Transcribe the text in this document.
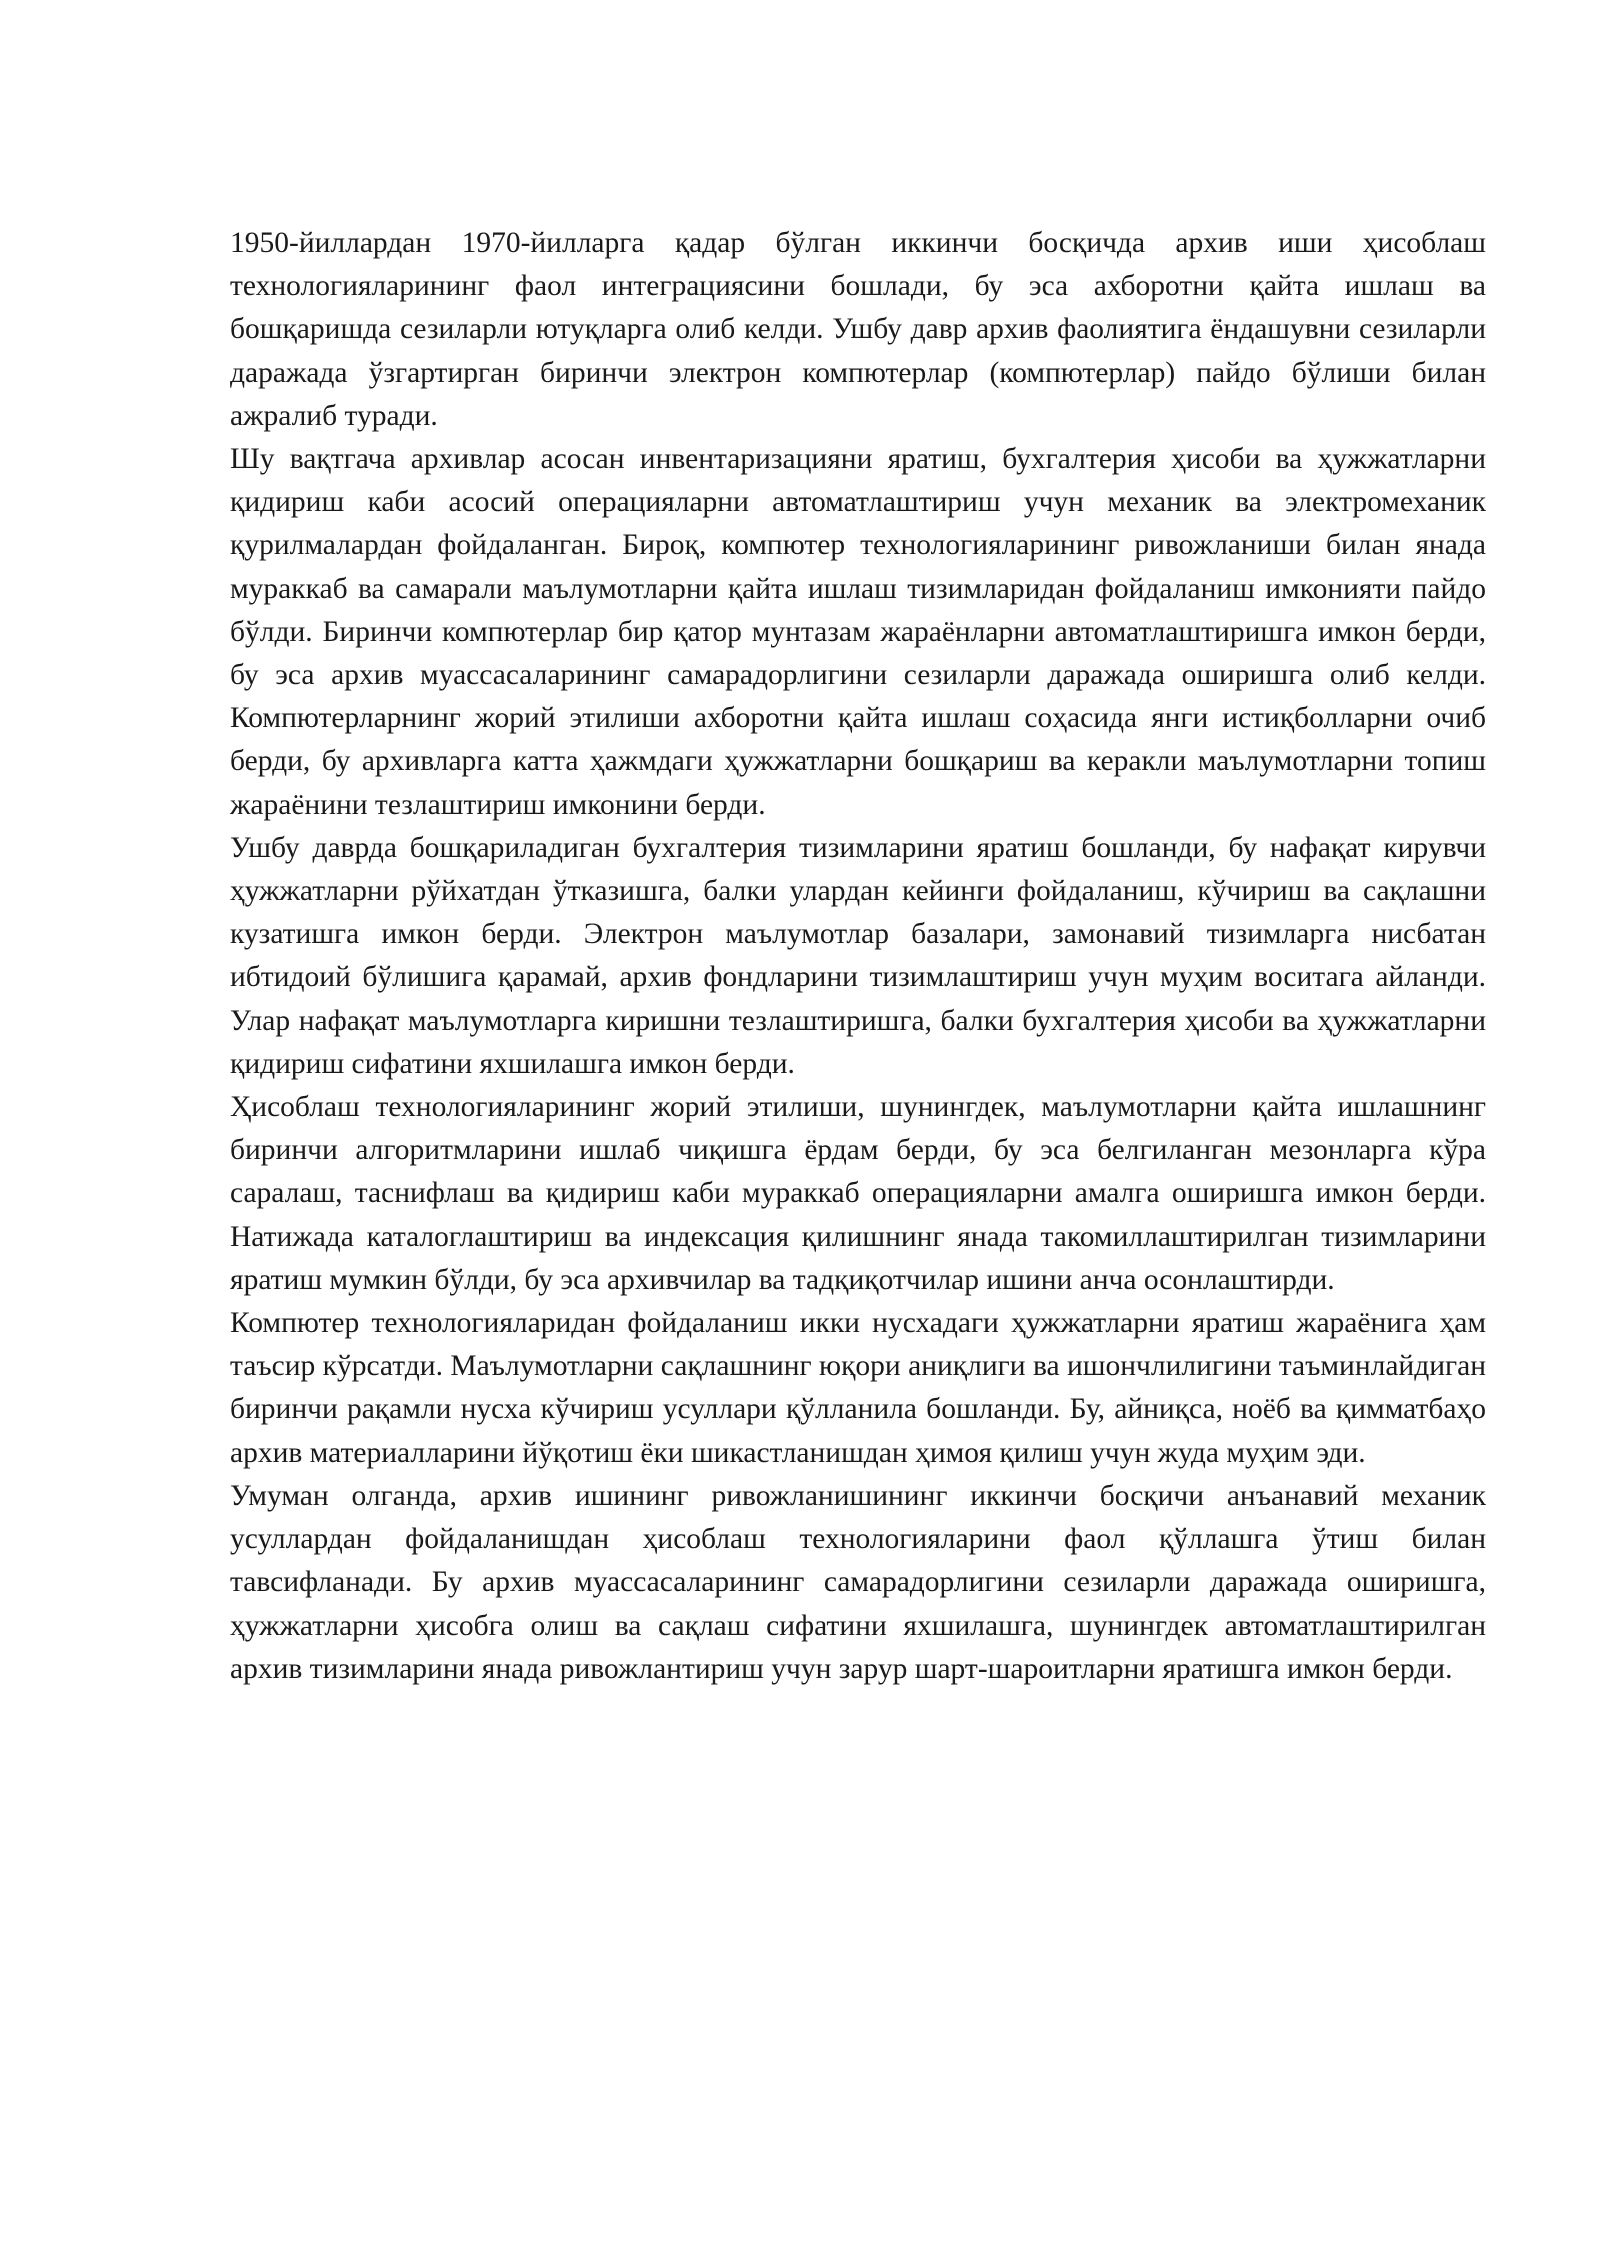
1950-йиллардан 1970-йилларга қадар бўлган иккинчи босқичда архив иши ҳисоблаш технологияларининг фаол интеграциясини бошлади, бу эса ахборотни қайта ишлаш ва бошқаришда сезиларли ютуқларга олиб келди. Ушбу давр архив фаолиятига ёндашувни сезиларли даражада ўзгартирган биринчи электрон компютерлар (компютерлар) пайдо бўлиши билан ажралиб туради.

Шу вақтгача архивлар асосан инвентаризацияни яратиш, бухгалтерия ҳисоби ва ҳужжатларни қидириш каби асосий операцияларни автоматлаштириш учун механик ва электромеханик қурилмалардан фойдаланган. Бироқ, компютер технологияларининг ривожланиши билан янада мураккаб ва самарали маълумотларни қайта ишлаш тизимларидан фойдаланиш имконияти пайдо бўлди. Биринчи компютерлар бир қатор мунтазам жараёнларни автоматлаштиришга имкон берди, бу эса архив муассасаларининг самарадорлигини сезиларли даражада оширишга олиб келди. Компютерларнинг жорий этилиши ахборотни қайта ишлаш соҳасида янги истиқболларни очиб берди, бу архивларга катта ҳажмдаги ҳужжатларни бошқариш ва керакли маълумотларни топиш жараёнини тезлаштириш имконини берди.

Ушбу даврда бошқариладиган бухгалтерия тизимларини яратиш бошланди, бу нафақат кирувчи ҳужжатларни рўйхатдан ўтказишга, балки улардан кейинги фойдаланиш, кўчириш ва сақлашни кузатишга имкон берди. Электрон маълумотлар базалари, замонавий тизимларга нисбатан ибтидоий бўлишига қарамай, архив фондларини тизимлаштириш учун муҳим воситага айланди. Улар нафақат маълумотларга киришни тезлаштиришга, балки бухгалтерия ҳисоби ва ҳужжатларни қидириш сифатини яхшилашга имкон берди.

Ҳисоблаш технологияларининг жорий этилиши, шунингдек, маълумотларни қайта ишлашнинг биринчи алгоритмларини ишлаб чиқишга ёрдам берди, бу эса белгиланган мезонларга кўра саралаш, таснифлаш ва қидириш каби мураккаб операцияларни амалга оширишга имкон берди. Натижада каталоглаштириш ва индексация қилишнинг янада такомиллаштирилган тизимларини яратиш мумкин бўлди, бу эса архивчилар ва тадқиқотчилар ишини анча осонлаштирди.

Компютер технологияларидан фойдаланиш икки нусхадаги ҳужжатларни яратиш жараёнига ҳам таъсир кўрсатди. Маълумотларни сақлашнинг юқори аниқлиги ва ишончлилигини таъминлайдиган биринчи рақамли нусха кўчириш усуллари қўлланила бошланди. Бу, айниқса, ноёб ва қимматбаҳо архив материалларини йўқотиш ёки шикастланишдан ҳимоя қилиш учун жуда муҳим эди.

Умуман олганда, архив ишининг ривожланишининг иккинчи босқичи анъанавий механик усуллардан фойдаланишдан ҳисоблаш технологияларини фаол қўллашга ўтиш билан тавсифланади. Бу архив муассасаларининг самарадорлигини сезиларли даражада оширишга, ҳужжатларни ҳисобга олиш ва сақлаш сифатини яхшилашга, шунингдек автоматлаштирилган архив тизимларини янада ривожлантириш учун зарур шарт-шароитларни яратишга имкон берди.
